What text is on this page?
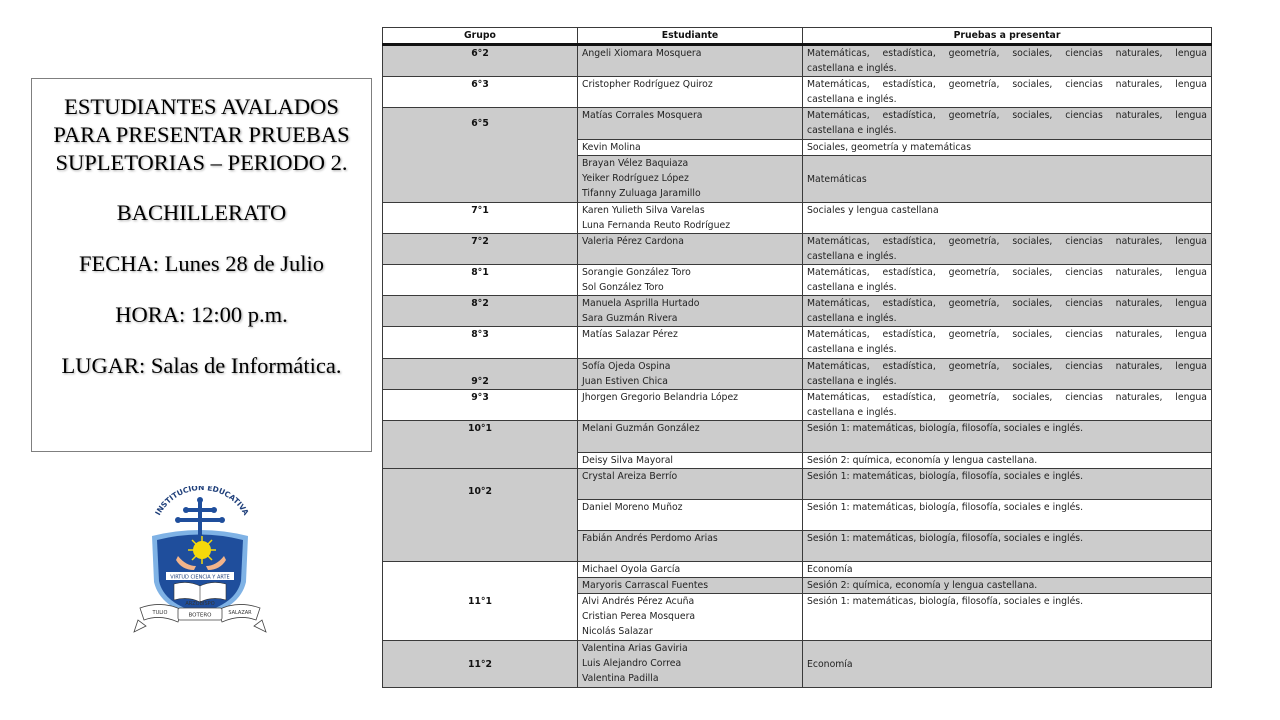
ESTUDIANTES AVALADOS
PARA PRESENTAR PRUEBAS
SUPLETORIAS – PERIODO 2.
BACHILLERATO
FECHA: Lunes 28 de Julio
HORA: 12:00 p.m.
LUGAR: Salas de Informática.
INSTITUCIÓN EDUCATIVA
VIRTUD CIENCIA Y ARTE
ARZOBISPO
TULIO	BOTERO	SALAZAR
Grupo	Estudiante	Pruebas a presentar
6°2	Angeli Xiomara Mosquera	Matemáticas, estadística, geometría, sociales, ciencias naturales, lengua
castellana e inglés.
6°3	Cristopher Rodríguez Quiroz	Matemáticas, estadística, geometría, sociales, ciencias naturales, lengua
castellana e inglés.
6°5	Matías Corrales Mosquera	Matemáticas, estadística, geometría, sociales, ciencias naturales, lengua
castellana e inglés.

	Kevin Molina	Sociales, geometría y matemáticas

	Brayan Vélez Baquiaza
Yeiker Rodríguez López
Tifanny Zuluaga Jaramillo	Matemáticas
7°1	Karen Yulieth Silva Varelas
Luna Fernanda Reuto Rodríguez	Sociales y lengua castellana
7°2	Valeria Pérez Cardona	Matemáticas, estadística, geometría, sociales, ciencias naturales, lengua
castellana e inglés.
8°1	Sorangie González Toro
Sol González Toro	Matemáticas, estadística, geometría, sociales, ciencias naturales, lengua
castellana e inglés.
8°2	Manuela Asprilla Hurtado
Sara Guzmán Rivera	Matemáticas, estadística, geometría, sociales, ciencias naturales, lengua
castellana e inglés.
8°3	Matías Salazar Pérez	Matemáticas, estadística, geometría, sociales, ciencias naturales, lengua
castellana e inglés.
9°2	Sofía Ojeda Ospina
Juan Estiven Chica	Matemáticas, estadística, geometría, sociales, ciencias naturales, lengua
castellana e inglés.
9°3	Jhorgen Gregorio Belandria López	Matemáticas, estadística, geometría, sociales, ciencias naturales, lengua
castellana e inglés.
10°1	Melani Guzmán González	Sesión 1: matemáticas, biología, filosofía, sociales e inglés.
	Deisy Silva Mayoral	Sesión 2: química, economía y lengua castellana.
10°2	Crystal Areiza Berrío	Sesión 1: matemáticas, biología, filosofía, sociales e inglés.
	Daniel Moreno Muñoz	Sesión 1: matemáticas, biología, filosofía, sociales e inglés.
	Fabián Andrés Perdomo Arias	Sesión 1: matemáticas, biología, filosofía, sociales e inglés.
11°1	Michael Oyola García	Economía
	Maryoris Carrascal Fuentes	Sesión 2: química, economía y lengua castellana.

	Alvi Andrés Pérez Acuña
Cristian Perea Mosquera
Nicolás Salazar	Sesión 1: matemáticas, biología, filosofía, sociales e inglés.
11°2	Valentina Arias Gaviria
Luis Alejandro Correa
Valentina Padilla	Economía
